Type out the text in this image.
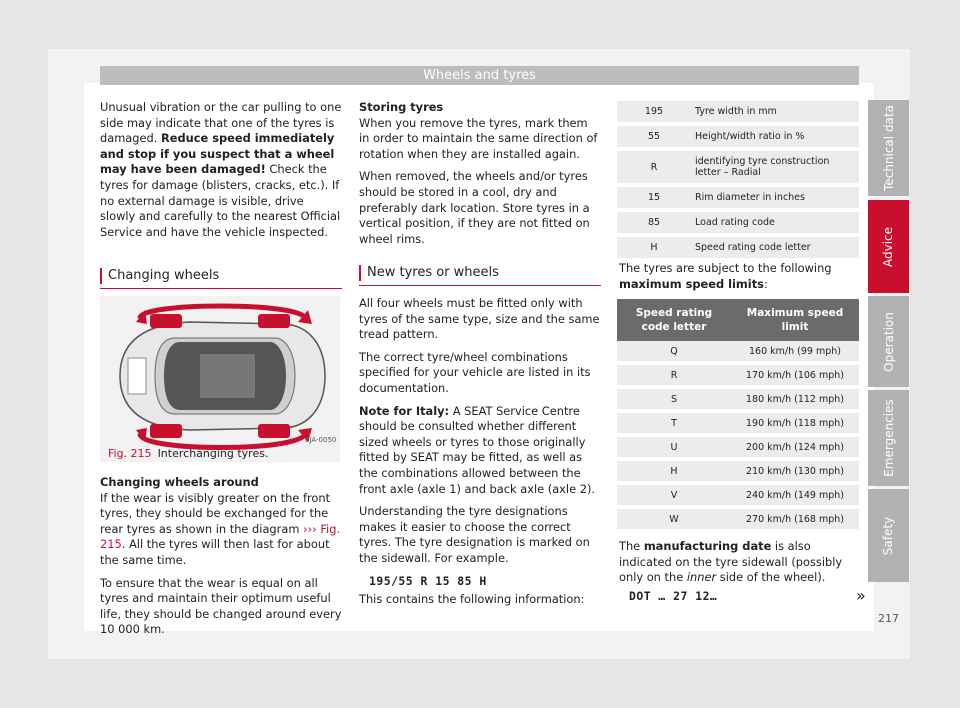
Wheels and tyres

Unusual vibration or the car pulling to one side may indicate that one of the tyres is damaged. Reduce speed immediately and stop if you suspect that a wheel may have been damaged! Check the tyres for damage (blisters, cracks, etc.). If no external damage is visible, drive slowly and carefully to the nearest Official Service and have the vehicle inspected.

Changing wheels
6JA-0050
Fig. 215 Interchanging tyres.
Changing wheels around

If the wear is visibly greater on the front tyres, they should be exchanged for the rear tyres as shown in the diagram ››› Fig. 215. All the tyres will then last for about the same time.

To ensure that the wear is equal on all tyres and maintain their optimum useful life, they should be changed around every 10 000 km.

Storing tyres

When you remove the tyres, mark them in order to maintain the same direction of rotation when they are installed again.

When removed, the wheels and/or tyres should be stored in a cool, dry and preferably dark location. Store tyres in a vertical position, if they are not fitted on wheel rims.

New tyres or wheels

All four wheels must be fitted only with tyres of the same type, size and the same tread pattern.

The correct tyre/wheel combinations specified for your vehicle are listed in its documentation.

Note for Italy: A SEAT Service Centre should be consulted whether different sized wheels or tyres to those originally fitted by SEAT may be fitted, as well as the combinations allowed between the front axle (axle 1) and back axle (axle 2).

Understanding the tyre designations makes it easier to choose the correct tyres. The tyre designation is marked on the sidewall. For example.

195/55 R 15 85 H

This contains the following information:

195	Tyre width in mm
55	Height/width ratio in %
R	identifying tyre construction letter – Radial
15	Rim diameter in inches
85	Load rating code
H	Speed rating code letter
The tyres are subject to the following maximum speed limits:
Speed rating code letter	Maximum speed limit
Q	160 km/h (99 mph)
R	170 km/h (106 mph)
S	180 km/h (112 mph)
T	190 km/h (118 mph)
U	200 km/h (124 mph)
H	210 km/h (130 mph)
V	240 km/h (149 mph)
W	270 km/h (168 mph)
The manufacturing date is also indicated on the tyre sidewall (possibly only on the inner side of the wheel).
DOT … 27 12…	»
Technical data
Advice
Operation
Emergencies
Safety
217
